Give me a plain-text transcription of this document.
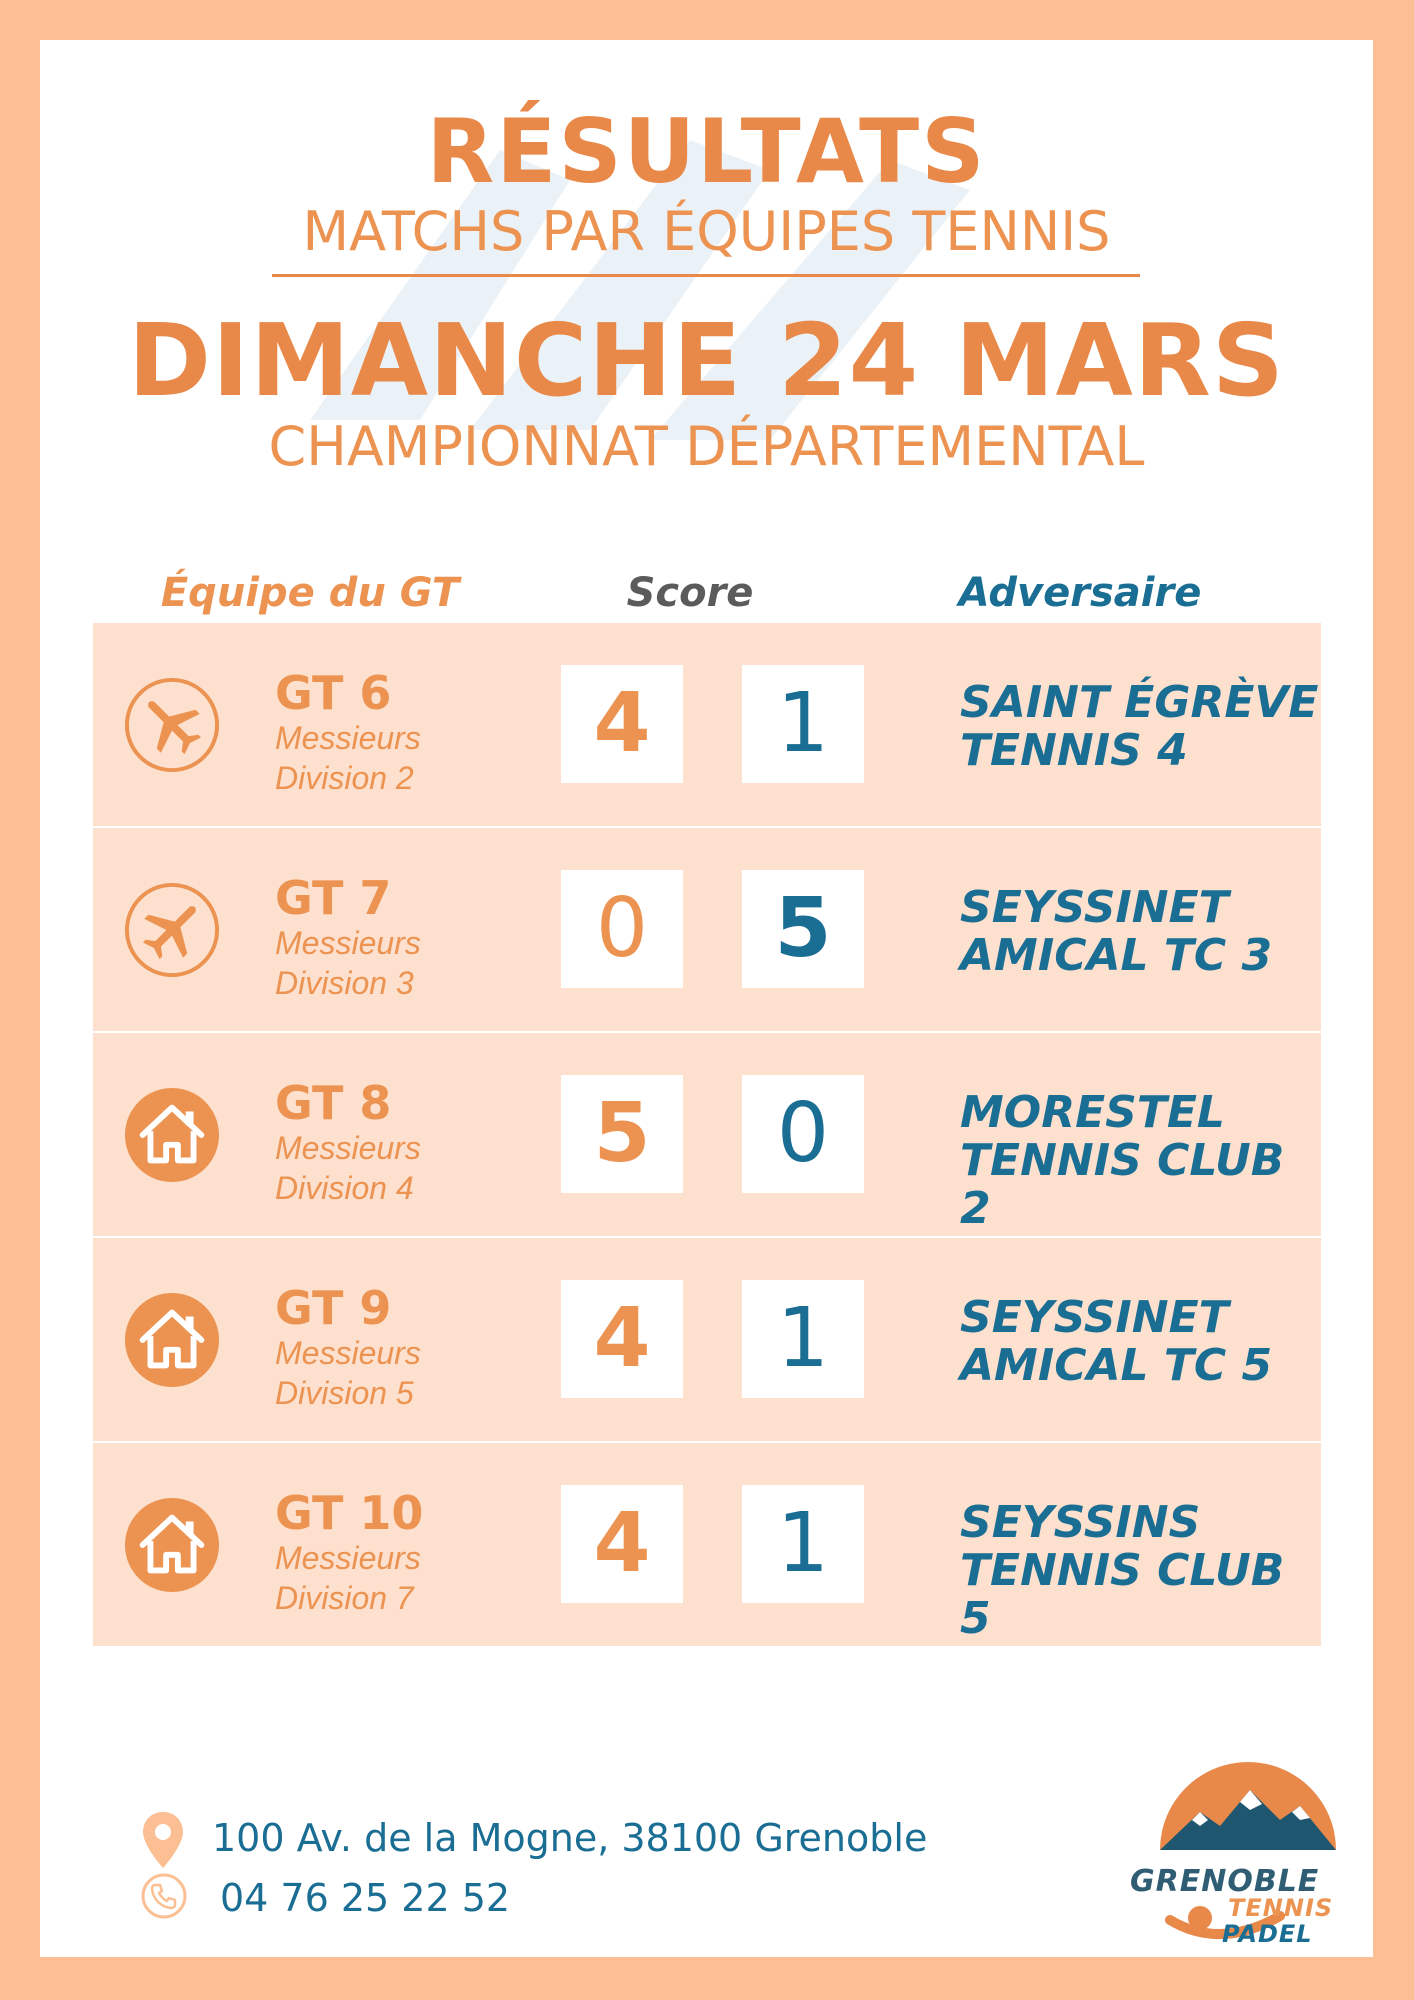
RÉSULTATS
MATCHS PAR ÉQUIPES TENNIS
DIMANCHE 24 MARS
CHAMPIONNAT DÉPARTEMENTAL
Équipe du GT	Score	Adversaire
GT 6
Messieurs
Division 2
4	1	SAINT ÉGRÈVE
TENNIS 4
GT 7
Messieurs
Division 3
0	5	SEYSSINET
AMICAL TC 3
GT 8
Messieurs
Division 4
5	0	MORESTEL
TENNIS CLUB 2
GT 9
Messieurs
Division 5
4	1	SEYSSINET
AMICAL TC 5
GT 10
Messieurs
Division 7
4	1	SEYSSINS
TENNIS CLUB 5
100 Av. de la Mogne, 38100 Grenoble
04 76 25 22 52	GRENOBLE
TENNIS
PADEL
